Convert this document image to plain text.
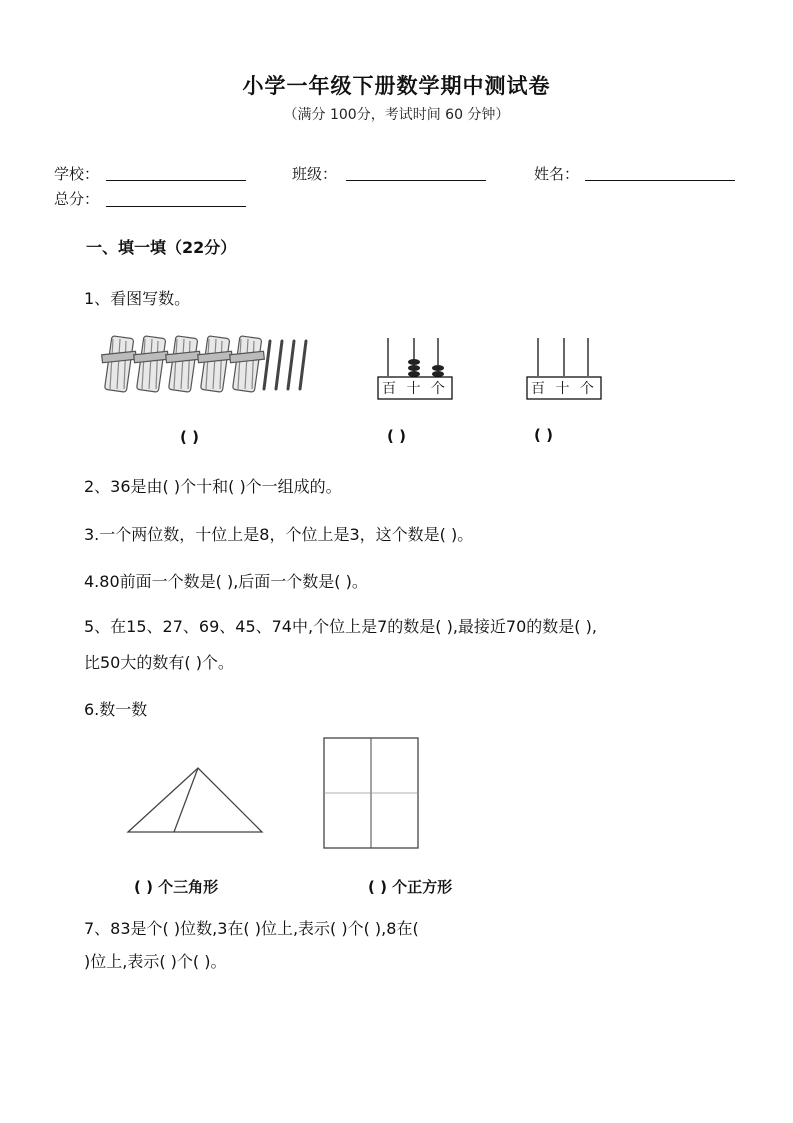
小学一年级下册数学期中测试卷
（满分 100分，考试时间 60 分钟）
学校：	班级：	姓名：
总分：
一、填一填（22分）
1、看图写数。
百 十 个	百 十 个
( )	( )	( )
2、36是由( )个十和( )个一组成的。
3.一个两位数，十位上是8，个位上是3，这个数是( )。
4.80前面一个数是( ),后面一个数是( )。
5、在15、27、69、45、74中,个位上是7的数是( ),最接近70的数是( ),
比50大的数有( )个。
6.数一数
( ) 个三角形	( ) 个正方形
7、83是个( )位数,3在( )位上,表示( )个( ),8在(
)位上,表示( )个( )。
